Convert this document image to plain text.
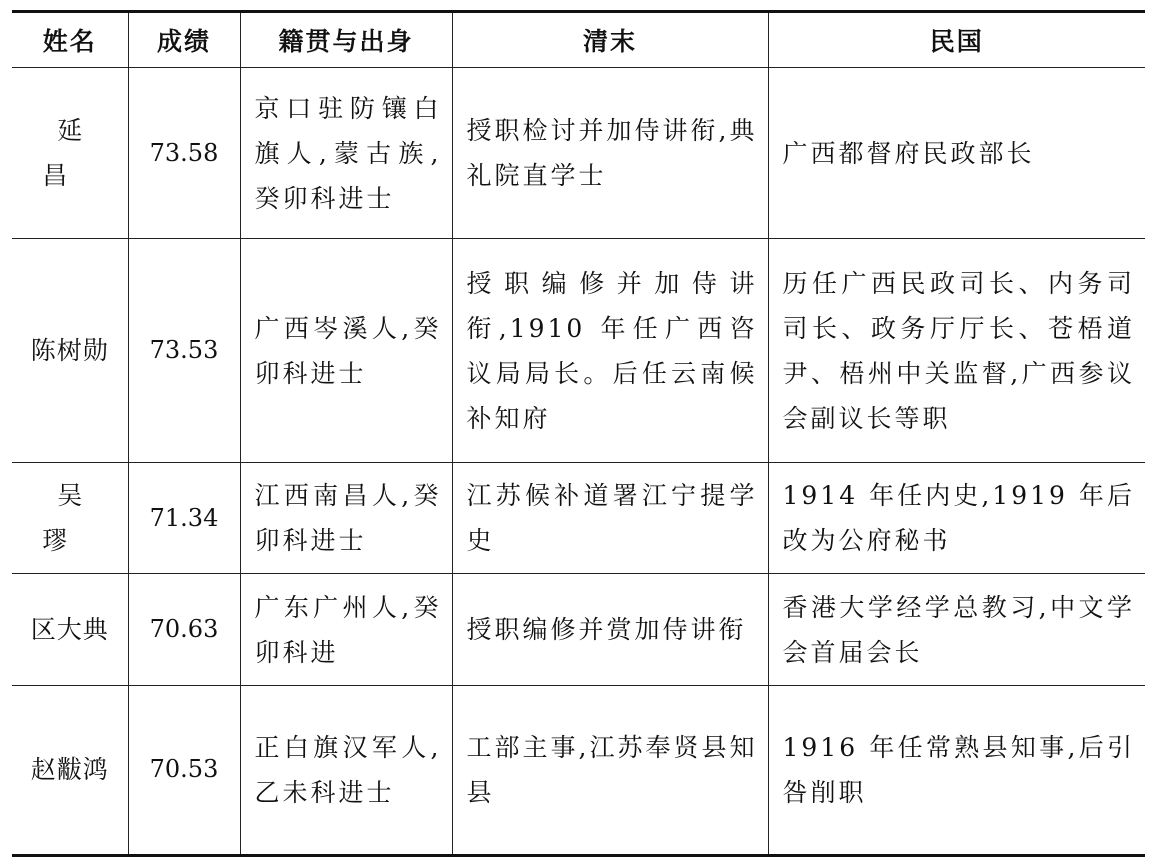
姓名	成绩	籍贯与出身	清末	民国
延 昌	73.58	京口驻防镶白旗人,蒙古族,癸卯科进士	授职检讨并加侍讲衔,典礼院直学士	广西都督府民政部长
陈树勋	73.53	广西岑溪人,癸卯科进士	授职编修并加侍讲衔,1910 年任广西咨议局局长。后任云南候补知府	历任广西民政司长、内务司司长、政务厅厅长、苍梧道尹、梧州中关监督,广西参议会副议长等职
吴 璆	71.34	江西南昌人,癸卯科进士	江苏候补道署江宁提学史	1914 年任内史,1919 年后改为公府秘书
区大典	70.63	广东广州人,癸卯科进	授职编修并赏加侍讲衔	香港大学经学总教习,中文学会首届会长
赵黻鸿	70.53	正白旗汉军人,乙未科进士	工部主事,江苏奉贤县知县	1916 年任常熟县知事,后引咎削职
